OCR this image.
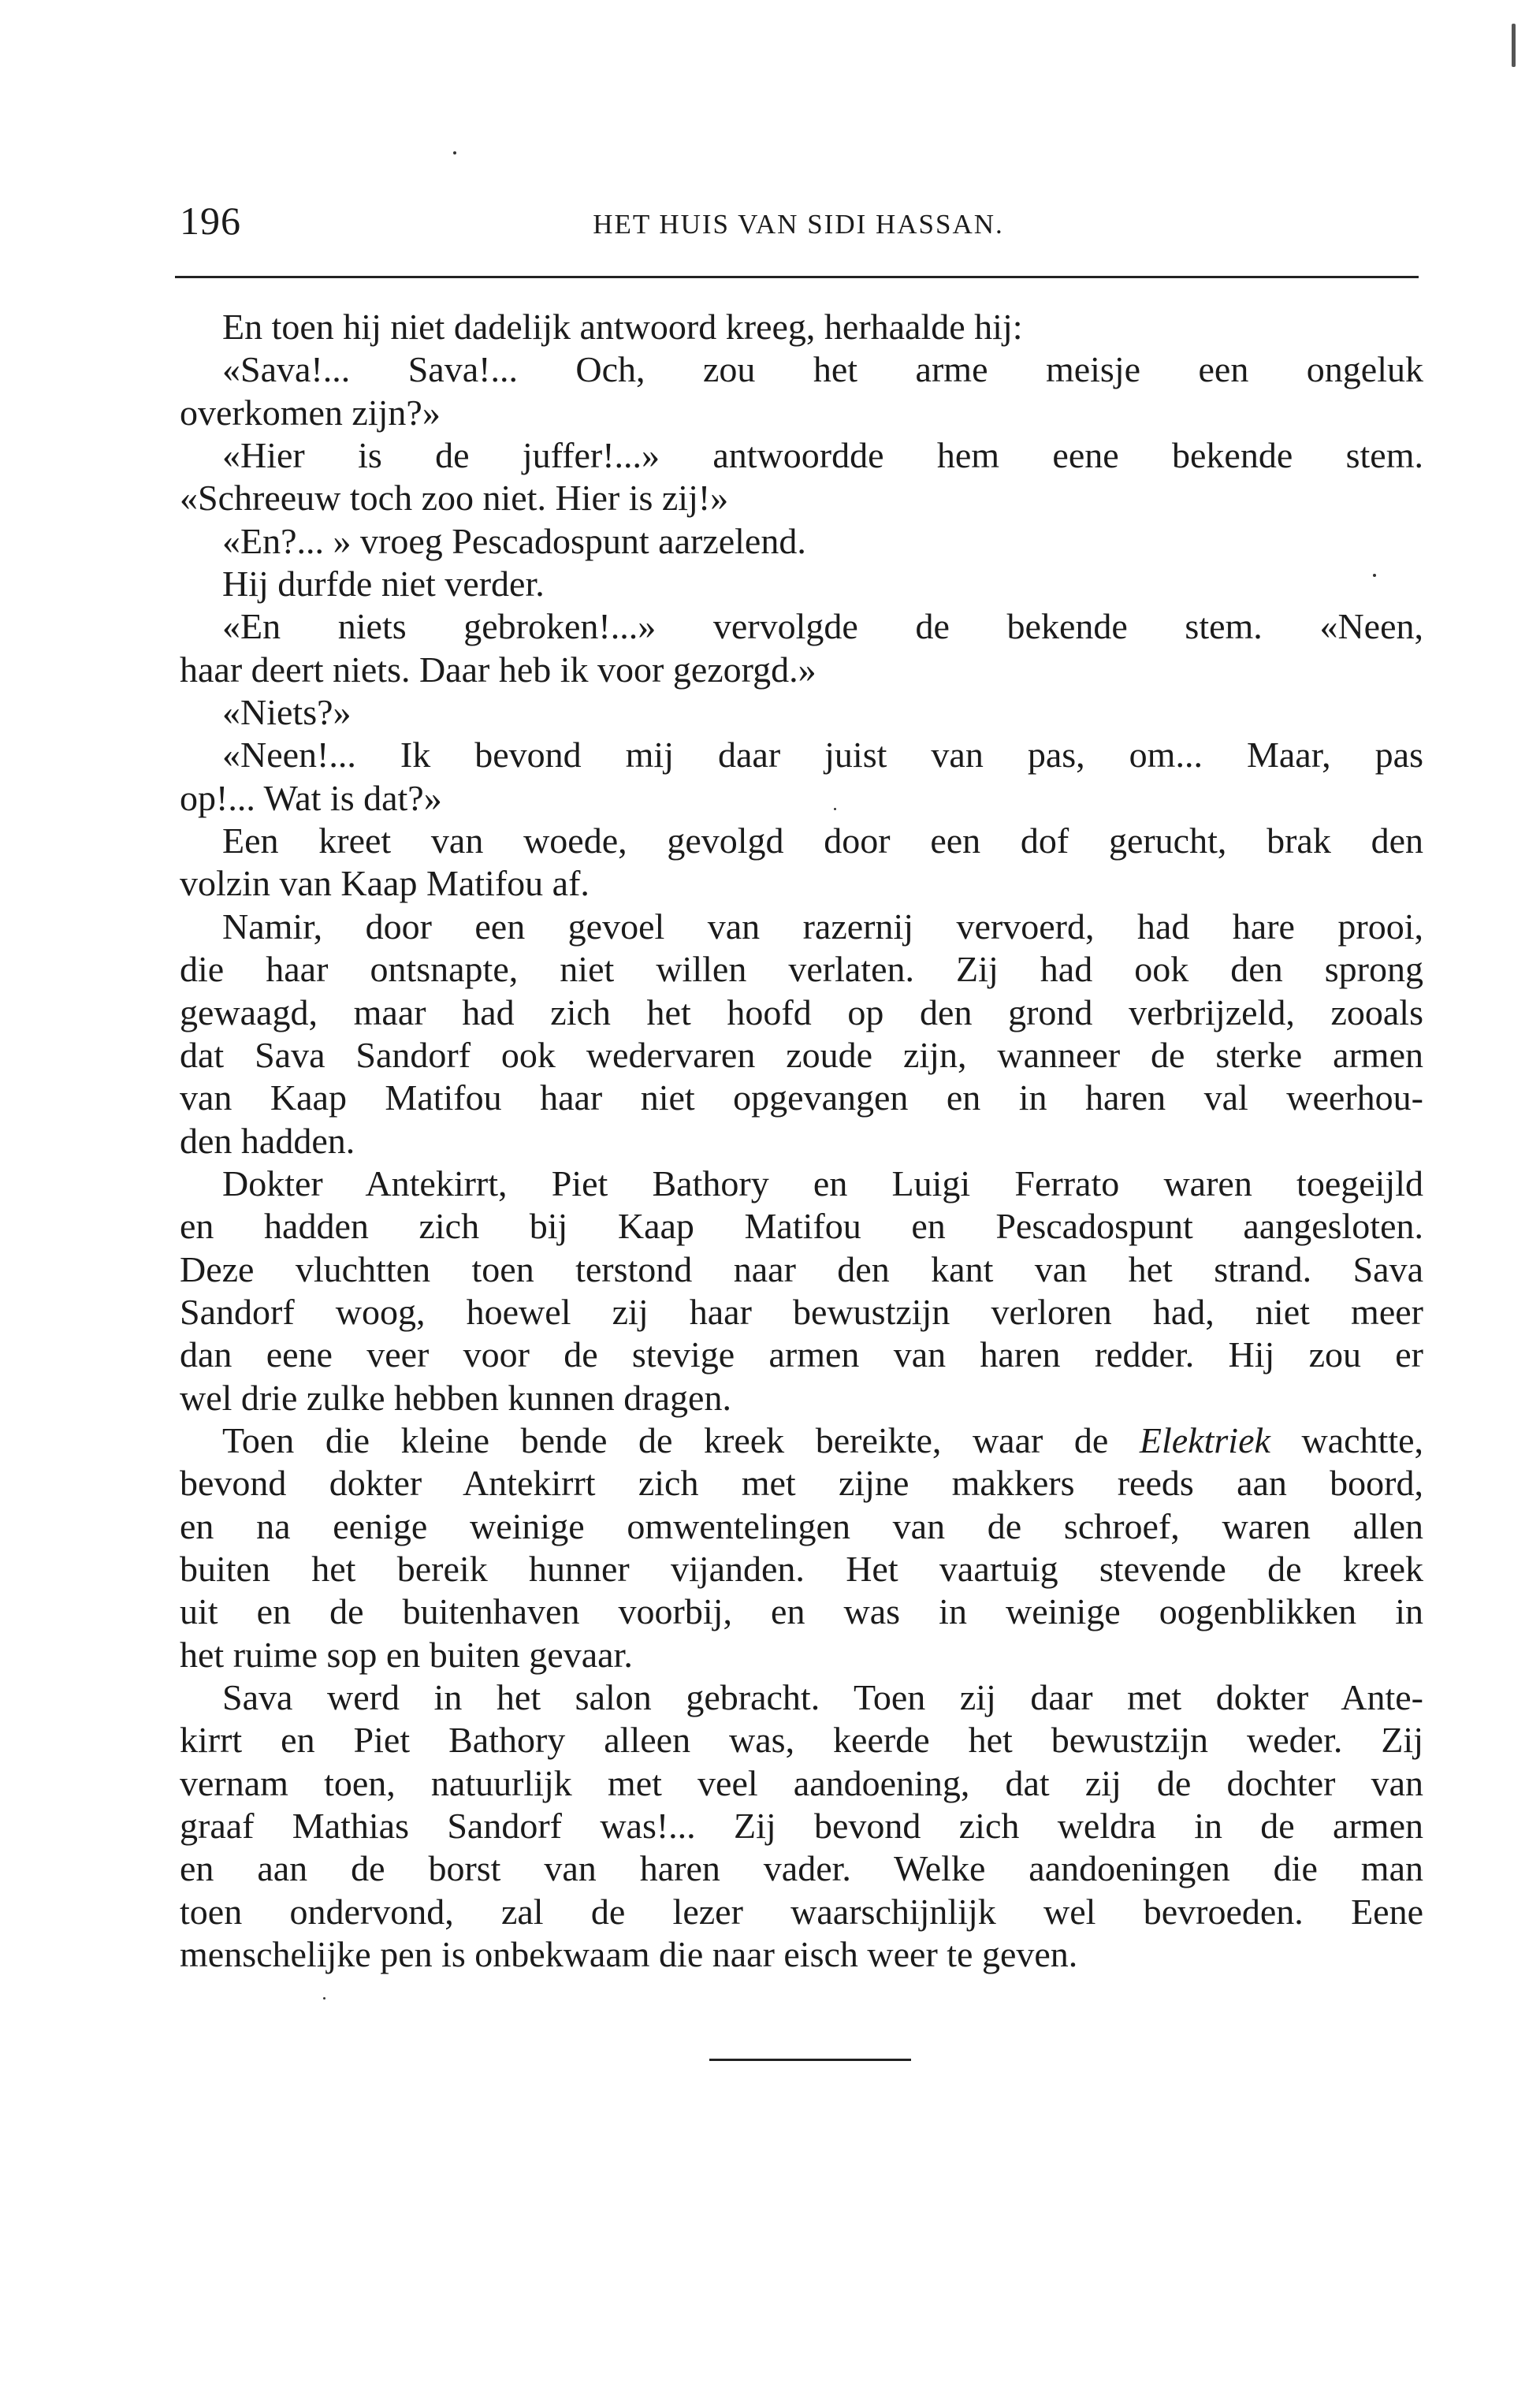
196	HET HUIS VAN SIDI HASSAN.
En toen hij niet dadelijk antwoord kreeg, herhaalde hij:
«Sava!... Sava!... Och, zou het arme meisje een ongeluk
overkomen zijn?»
«Hier is de juffer!...» antwoordde hem eene bekende stem.
«Schreeuw toch zoo niet. Hier is zij!»
«En?... » vroeg Pescadospunt aarzelend.
Hij durfde niet verder.
«En niets gebroken!...» vervolgde de bekende stem. «Neen,
haar deert niets. Daar heb ik voor gezorgd.»
«Niets?»
«Neen!... Ik bevond mij daar juist van pas, om... Maar, pas
op!... Wat is dat?»
Een kreet van woede, gevolgd door een dof gerucht, brak den
volzin van Kaap Matifou af.
Namir, door een gevoel van razernij vervoerd, had hare prooi,
die haar ontsnapte, niet willen verlaten. Zij had ook den sprong
gewaagd, maar had zich het hoofd op den grond verbrijzeld, zooals
dat Sava Sandorf ook wedervaren zoude zijn, wanneer de sterke armen
van Kaap Matifou haar niet opgevangen en in haren val weerhou-
den hadden.
Dokter Antekirrt, Piet Bathory en Luigi Ferrato waren toegeijld
en hadden zich bij Kaap Matifou en Pescadospunt aangesloten.
Deze vluchtten toen terstond naar den kant van het strand. Sava
Sandorf woog, hoewel zij haar bewustzijn verloren had, niet meer
dan eene veer voor de stevige armen van haren redder. Hij zou er
wel drie zulke hebben kunnen dragen.
Toen die kleine bende de kreek bereikte, waar de Elektriek wachtte,
bevond dokter Antekirrt zich met zijne makkers reeds aan boord,
en na eenige weinige omwentelingen van de schroef, waren allen
buiten het bereik hunner vijanden. Het vaartuig stevende de kreek
uit en de buitenhaven voorbij, en was in weinige oogenblikken in
het ruime sop en buiten gevaar.
Sava werd in het salon gebracht. Toen zij daar met dokter Ante-
kirrt en Piet Bathory alleen was, keerde het bewustzijn weder. Zij
vernam toen, natuurlijk met veel aandoening, dat zij de dochter van
graaf Mathias Sandorf was!... Zij bevond zich weldra in de armen
en aan de borst van haren vader. Welke aandoeningen die man
toen ondervond, zal de lezer waarschijnlijk wel bevroeden. Eene
menschelijke pen is onbekwaam die naar eisch weer te geven.
